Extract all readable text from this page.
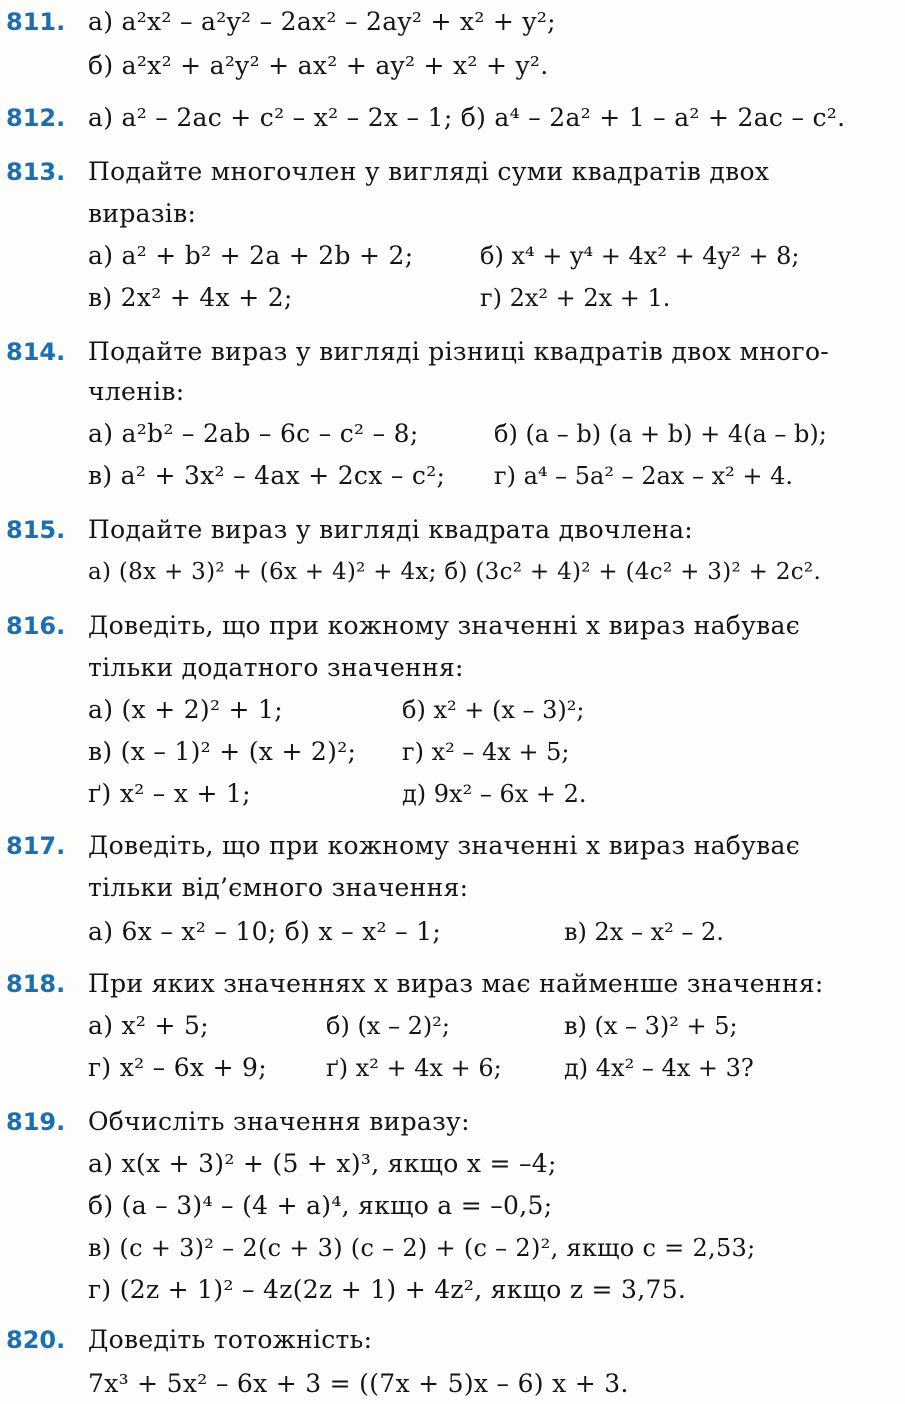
811. а) a²x² – a²y² – 2ax² – 2ay² + x² + y²;
б) a²x² + a²y² + ax² + ay² + x² + y².
812. а) a² – 2ac + c² – x² – 2x – 1; б) a⁴ – 2a² + 1 – a² + 2ac – c².
813. Подайте многочлен у вигляді суми квадратів двох
виразів:
а) a² + b² + 2a + 2b + 2;	б) x⁴ + y⁴ + 4x² + 4y² + 8;
в) 2x² + 4x + 2;	г) 2x² + 2x + 1.
814. Подайте вираз у вигляді різниці квадратів двох много-
членів:
а) a²b² – 2ab – 6c – c² – 8;	б) (a – b) (a + b) + 4(a – b);
в) a² + 3x² – 4ax + 2cx – c²; г) a⁴ – 5a² – 2ax – x² + 4.
815. Подайте вираз у вигляді квадрата двочлена:
а) (8x + 3)² + (6x + 4)² + 4x; б) (3c² + 4)² + (4c² + 3)² + 2c².
816. Доведіть, що при кожному значенні x вираз набуває
тільки додатного значення:
а) (x + 2)² + 1;	б) x² + (x – 3)²;
в) (x – 1)² + (x + 2)²; г) x² – 4x + 5;
ґ) x² – x + 1;	д) 9x² – 6x + 2.
817. Доведіть, що при кожному значенні x вираз набуває
тільки від’ємного значення:
а) 6x – x² – 10; б) x – x² – 1;	в) 2x – x² – 2.
818. При яких значеннях x вираз має найменше значення:
а) x² + 5;	б) (x – 2)²;	в) (x – 3)² + 5;
г) x² – 6x + 9; ґ) x² + 4x + 6;	д) 4x² – 4x + 3?
819. Обчисліть значення виразу:
а) x(x + 3)² + (5 + x)³, якщо x = –4;
б) (a – 3)⁴ – (4 + a)⁴, якщо a = –0,5;
в) (c + 3)² – 2(c + 3) (c – 2) + (c – 2)², якщо c = 2,53;
г) (2z + 1)² – 4z(2z + 1) + 4z², якщо z = 3,75.
820. Доведіть тотожність:
7x³ + 5x² – 6x + 3 = ((7x + 5)x – 6) x + 3.
